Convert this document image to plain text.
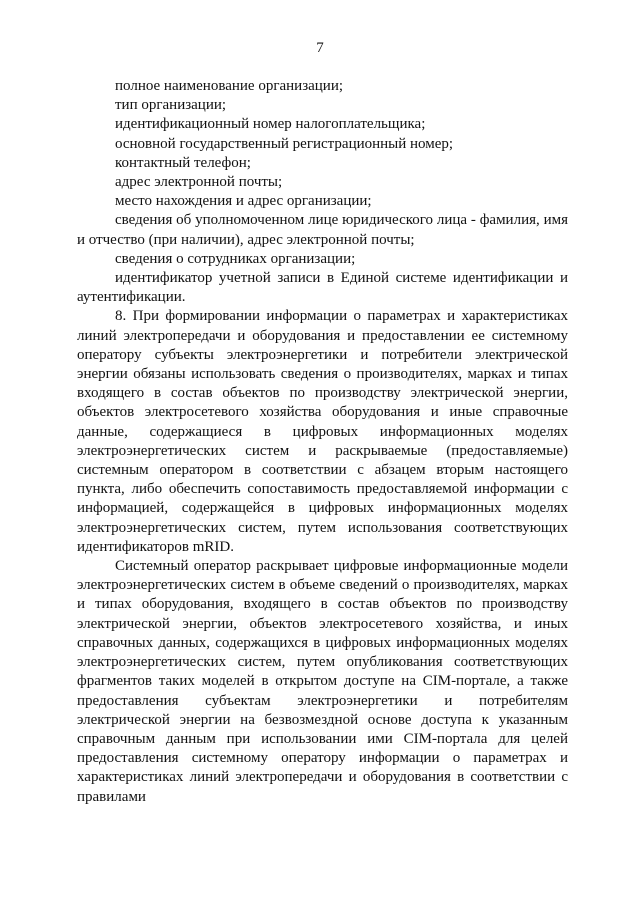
7

полное наименование организации;

тип организации;

идентификационный номер налогоплательщика;

основной государственный регистрационный номер;

контактный телефон;

адрес электронной почты;

место нахождения и адрес организации;

сведения об уполномоченном лице юридического лица - фамилия, имя и отчество (при наличии), адрес электронной почты;

сведения о сотрудниках организации;

идентификатор учетной записи в Единой системе идентификации и аутентификации.

8. При формировании информации о параметрах и характеристиках линий электропередачи и оборудования и предоставлении ее системному оператору субъекты электроэнергетики и потребители электрической энергии обязаны использовать сведения о производителях, марках и типах входящего в состав объектов по производству электрической энергии, объектов электросетевого хозяйства оборудования и иные справочные данные, содержащиеся в цифровых информационных моделях электроэнергетических систем и раскрываемые (предоставляемые) системным оператором в соответствии с абзацем вторым настоящего пункта, либо обеспечить сопоставимость предоставляемой информации с информацией, содержащейся в цифровых информационных моделях электроэнергетических систем, путем использования соответствующих идентификаторов mRID.

Системный оператор раскрывает цифровые информационные модели электроэнергетических систем в объеме сведений о производителях, марках и типах оборудования, входящего в состав объектов по производству электрической энергии, объектов электросетевого хозяйства, и иных справочных данных, содержащихся в цифровых информационных моделях электроэнергетических систем, путем опубликования соответствующих фрагментов таких моделей в открытом доступе на CIM-портале, а также предоставления субъектам электроэнергетики и потребителям электрической энергии на безвозмездной основе доступа к указанным справочным данным при использовании ими CIM-портала для целей предоставления системному оператору информации о параметрах и характеристиках линий электропередачи и оборудования в соответствии с правилами
